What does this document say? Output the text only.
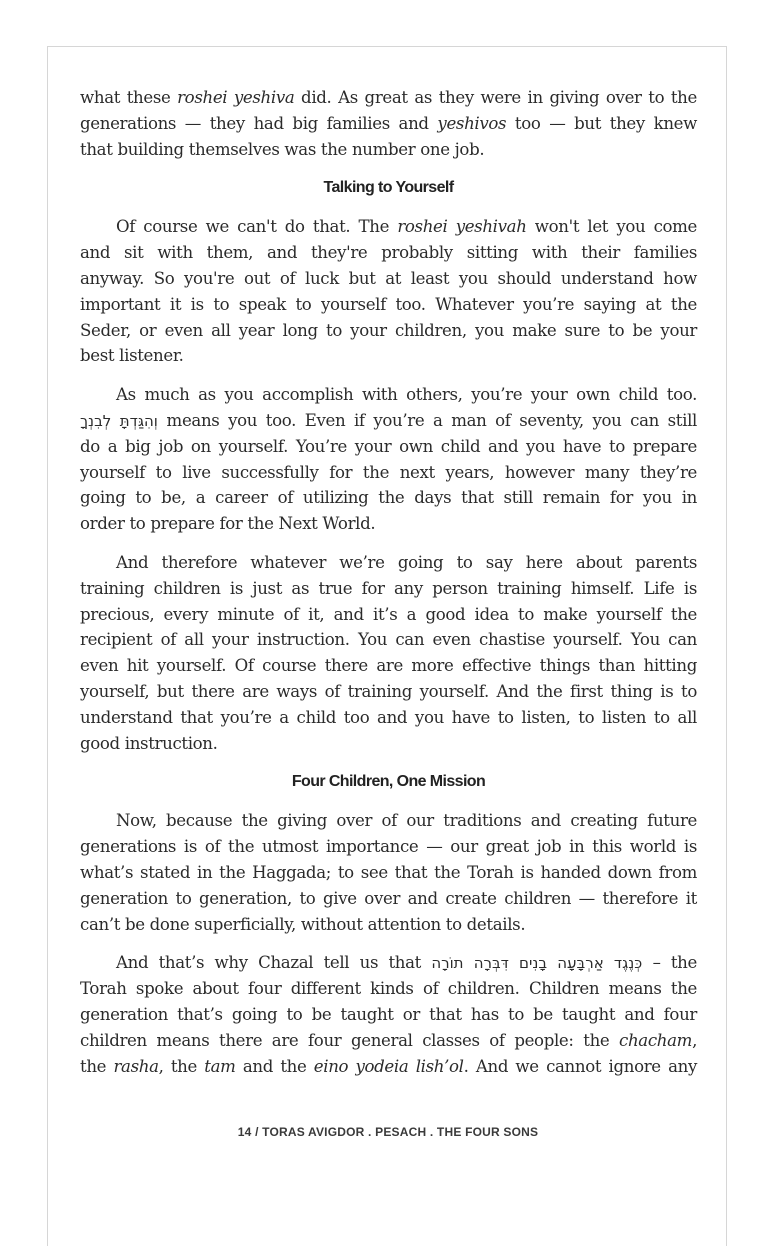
what these roshei yeshiva did. As great as they were in giving over to the
generations — they had big families and yeshivos too — but they knew
that building themselves was the number one job.
Talking to Yourself
Of course we can't do that. The roshei yeshivah won't let you come
and sit with them, and they're probably sitting with their families
anyway. So you're out of luck but at least you should understand how
important it is to speak to yourself too. Whatever you’re saying at the
Seder, or even all year long to your children, you make sure to be your
best listener.
As much as you accomplish with others, you’re your own child too.
וְהִגַּדְתָּ לְבִנְךָ means you too. Even if you’re a man of seventy, you can still
do a big job on yourself. You’re your own child and you have to prepare
yourself to live successfully for the next years, however many they’re
going to be, a career of utilizing the days that still remain for you in
order to prepare for the Next World.
And therefore whatever we’re going to say here about parents
training children is just as true for any person training himself. Life is
precious, every minute of it, and it’s a good idea to make yourself the
recipient of all your instruction. You can even chastise yourself. You can
even hit yourself. Of course there are more effective things than hitting
yourself, but there are ways of training yourself. And the first thing is to
understand that you’re a child too and you have to listen, to listen to all
good instruction.
Four Children, One Mission
Now, because the giving over of our traditions and creating future
generations is of the utmost importance — our great job in this world is
what’s stated in the Haggada; to see that the Torah is handed down from
generation to generation, to give over and create children — therefore it
can’t be done superficially, without attention to details.
And that’s why Chazal tell us that כְּנֶגֶד אַרְבָּעָה בָנִים דִּבְּרָה תוֹרָה – the
Torah spoke about four different kinds of children. Children means the
generation that’s going to be taught or that has to be taught and four
children means there are four general classes of people: the chacham,
the rasha, the tam and the eino yodeia lish’ol. And we cannot ignore any
14 / TORAS AVIGDOR . PESACH . THE FOUR SONS
